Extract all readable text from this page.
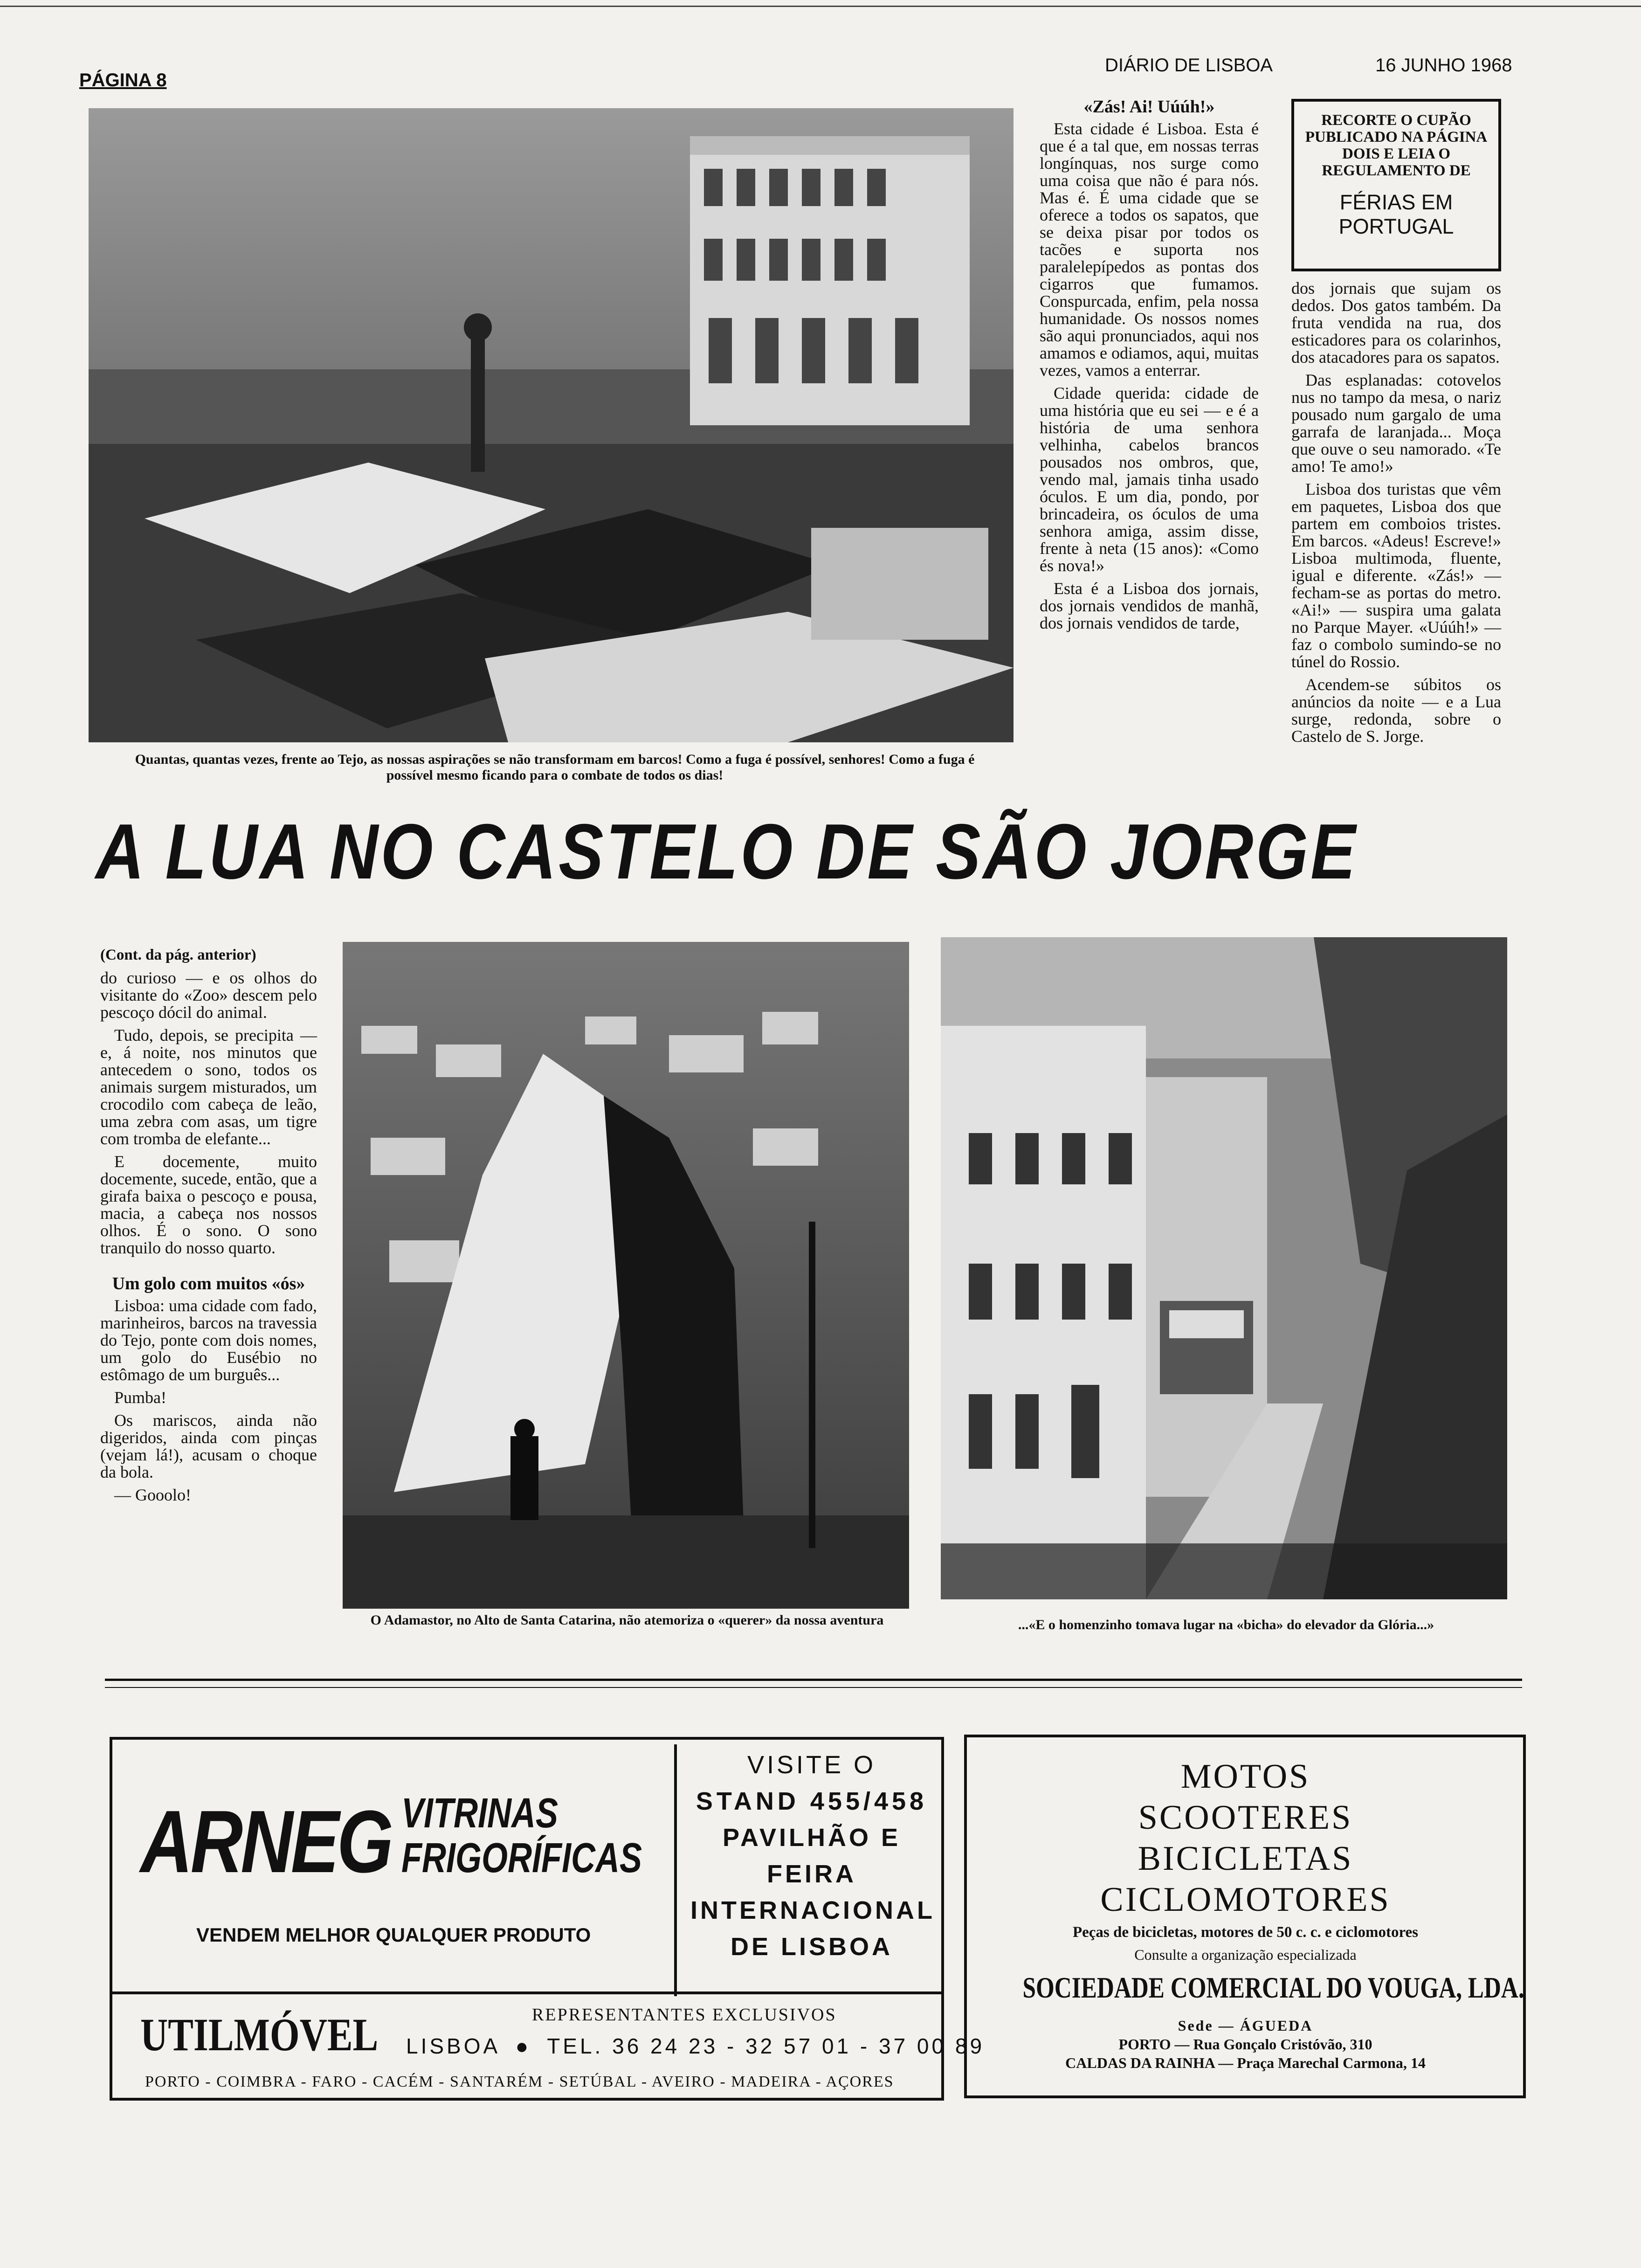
PÁGINA 8
DIÁRIO DE LISBOA	16 JUNHO 1968
Quantas, quantas vezes, frente ao Tejo, as nossas aspirações se não transformam em barcos! Como a fuga é possível, senhores! Como a fuga é possível mesmo ficando para o combate de todos os dias!
«Zás! Ai! Uúúh!»

Esta cidade é Lisboa. Esta é que é a tal que, em nossas terras longínquas, nos surge como uma coisa que não é para nós. Mas é. É uma cidade que se oferece a todos os sapatos, que se deixa pisar por todos os tacões e suporta nos paralelepípedos as pontas dos cigarros que fumamos. Conspurcada, enfim, pela nossa humanidade. Os nossos nomes são aqui pronunciados, aqui nos amamos e odiamos, aqui, muitas vezes, vamos a enterrar.

Cidade querida: cidade de uma história que eu sei — e é a história de uma senhora velhinha, cabelos brancos pousados nos ombros, que, vendo mal, jamais tinha usado óculos. E um dia, pondo, por brincadeira, os óculos de uma senhora amiga, assim disse, frente à neta (15 anos): «Como és nova!»

Esta é a Lisboa dos jornais, dos jornais vendidos de manhã, dos jornais vendidos de tarde,

RECORTE O CUPÃO PUBLICADO NA PÁGINA DOIS E LEIA O REGULAMENTO DE
FÉRIAS EM PORTUGAL

dos jornais que sujam os dedos. Dos gatos também. Da fruta vendida na rua, dos esticadores para os colarinhos, dos atacadores para os sapatos.

Das esplanadas: cotovelos nus no tampo da mesa, o nariz pousado num gargalo de uma garrafa de laranjada... Moça que ouve o seu namorado. «Te amo! Te amo!»

Lisboa dos turistas que vêm em paquetes, Lisboa dos que partem em comboios tristes. Em barcos. «Adeus! Escreve!» Lisboa multimoda, fluente, igual e diferente. «Zás!» — fecham-se as portas do metro. «Ai!» — suspira uma galata no Parque Mayer. «Uúúh!» — faz o combolo sumindo-se no túnel do Rossio.

Acendem-se súbitos os anúncios da noite — e a Lua surge, redonda, sobre o Castelo de S. Jorge.

A LUA NO CASTELO DE SÃO JORGE

(Cont. da pág. anterior)

do curioso — e os olhos do visitante do «Zoo» descem pelo pescoço dócil do animal.

Tudo, depois, se precipita — e, á noite, nos minutos que antecedem o sono, todos os animais surgem misturados, um crocodilo com cabeça de leão, uma zebra com asas, um tigre com tromba de elefante...

E docemente, muito docemente, sucede, então, que a girafa baixa o pescoço e pousa, macia, a cabeça nos nossos olhos. É o sono. O sono tranquilo do nosso quarto.

Um golo com muitos «ós»

Lisboa: uma cidade com fado, marinheiros, barcos na travessia do Tejo, ponte com dois nomes, um golo do Eusébio no estômago de um burguês...

Pumba!

Os mariscos, ainda não digeridos, ainda com pinças (vejam lá!), acusam o choque da bola.

— Gooolo!

O Adamastor, no Alto de Santa Catarina, não atemoriza o «querer» da nossa aventura	...«E o homenzinho tomava lugar na «bicha» do elevador da Glória...»
ARNEG VITRINAS
FRIGORÍFICAS
VENDEM MELHOR QUALQUER PRODUTO
VISITE O
STAND 455/458
PAVILHÃO E
FEIRA
INTERNACIONAL
DE LISBOA
UTILMÓVEL	REPRESENTANTES EXCLUSIVOS
LISBOA ● TEL. 36 24 23 - 32 57 01 - 37 00 89
PORTO - COIMBRA - FARO - CACÉM - SANTARÉM - SETÚBAL - AVEIRO - MADEIRA - AÇORES
MOTOS
SCOOTERES
BICICLETAS
CICLOMOTORES
Peças de bicicletas, motores de 50 c. c. e ciclomotores
Consulte a organização especializada
SOCIEDADE COMERCIAL DO VOUGA, LDA.
Sede — ÁGUEDA
PORTO — Rua Gonçalo Cristóvão, 310
CALDAS DA RAINHA — Praça Marechal Carmona, 14
